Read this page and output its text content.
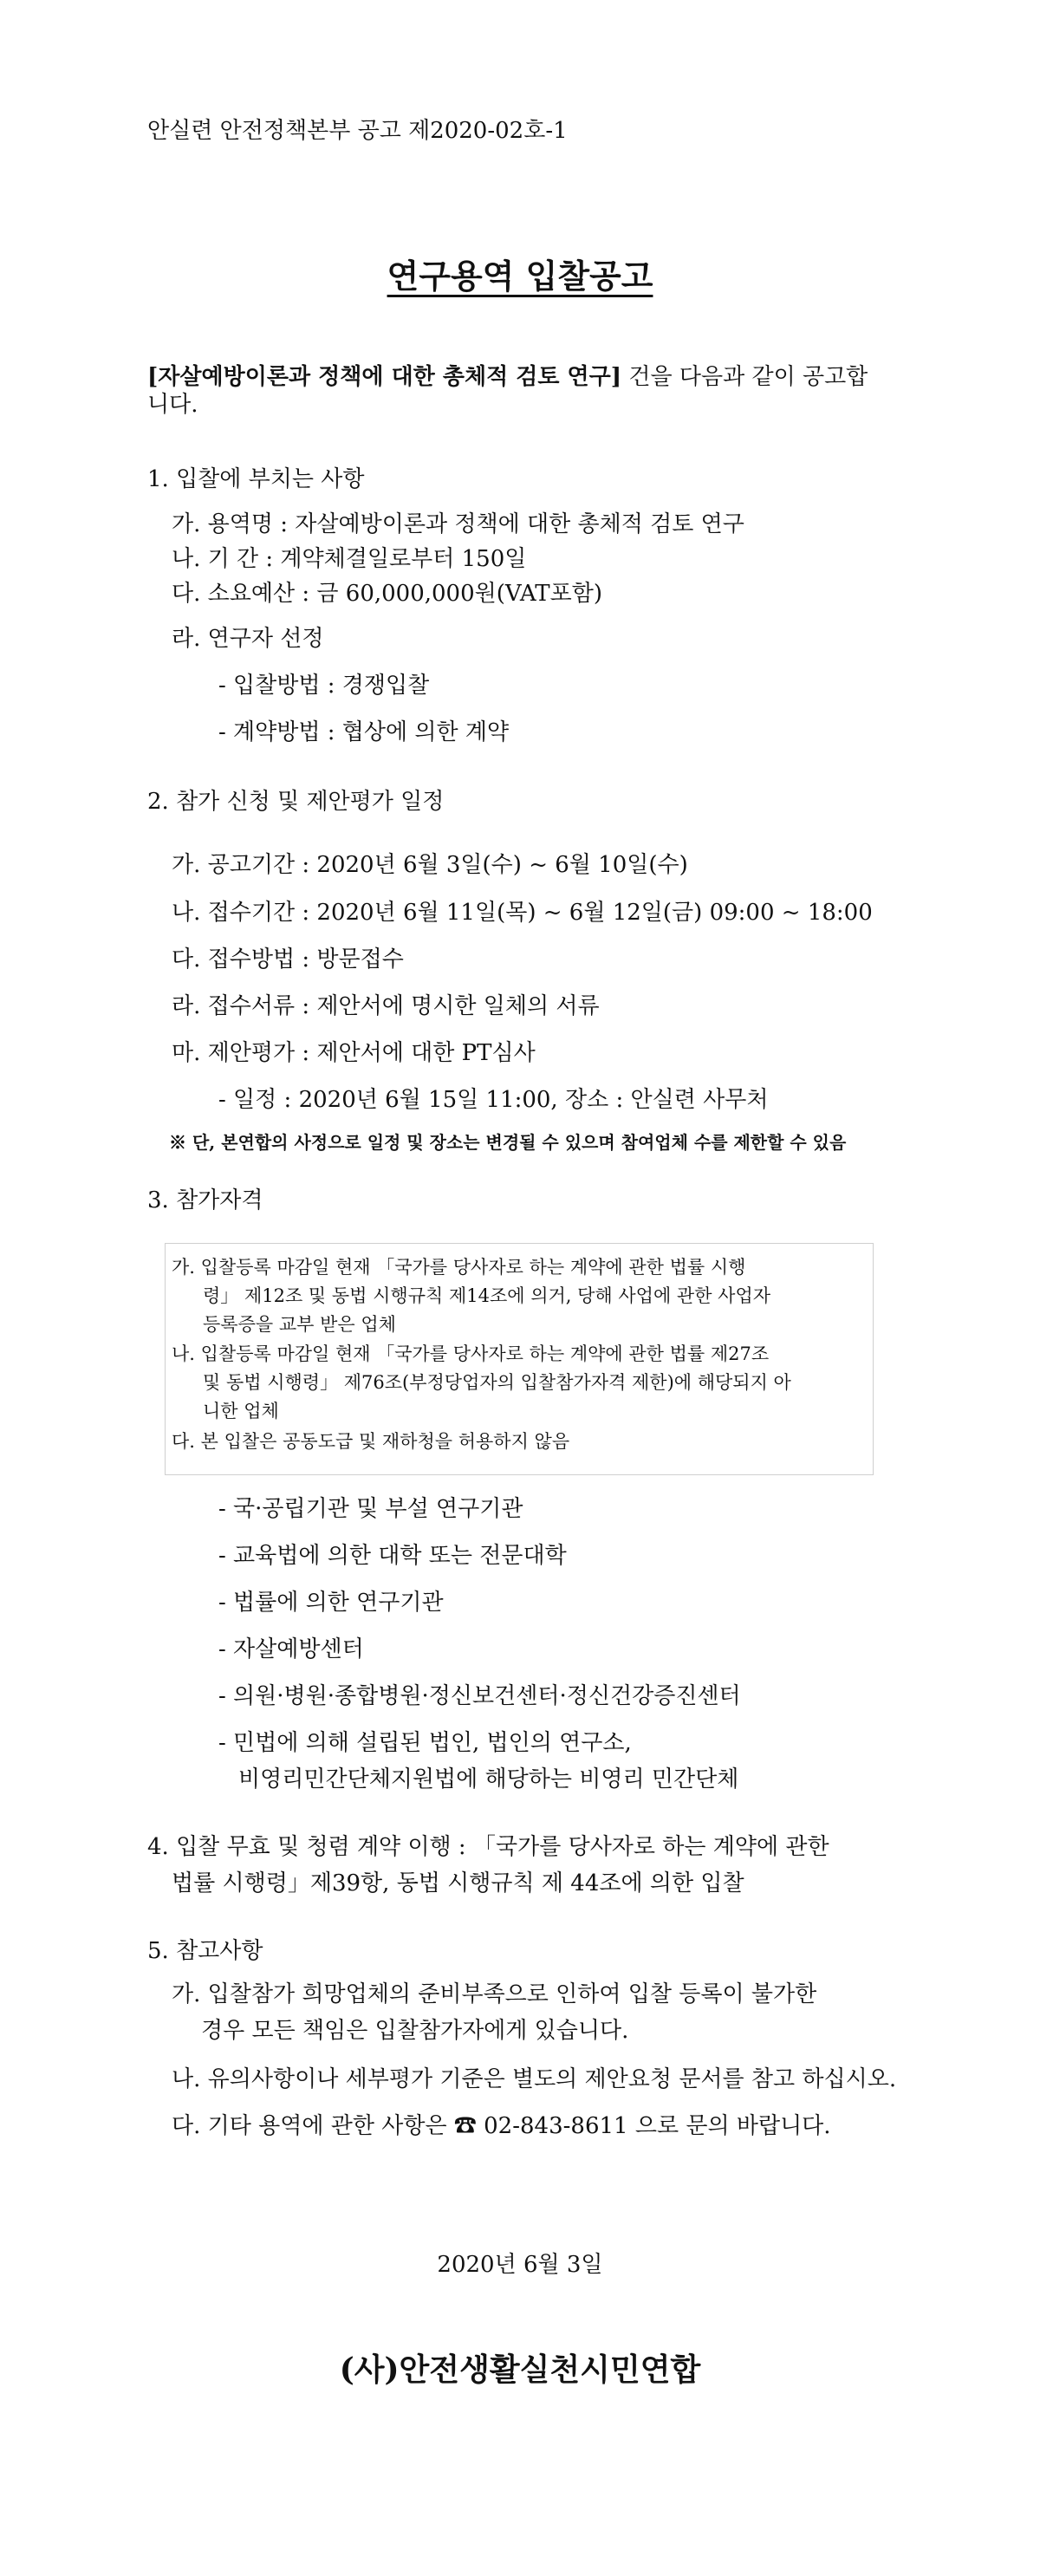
안실련 안전정책본부 공고 제2020-02호-1
연구용역 입찰공고
[자살예방이론과 정책에 대한 총체적 검토 연구] 건을 다음과 같이 공고합
니다.
1. 입찰에 부치는 사항
가. 용역명 : 자살예방이론과 정책에 대한 총체적 검토 연구
나. 기 간 : 계약체결일로부터 150일
다. 소요예산 : 금 60,000,000원(VAT포함)
라. 연구자 선정
- 입찰방법 : 경쟁입찰
- 계약방법 : 협상에 의한 계약
2. 참가 신청 및 제안평가 일정
가. 공고기간 : 2020년 6월 3일(수) ~ 6월 10일(수)
나. 접수기간 : 2020년 6월 11일(목) ~ 6월 12일(금) 09:00 ~ 18:00
다. 접수방법 : 방문접수
라. 접수서류 : 제안서에 명시한 일체의 서류
마. 제안평가 : 제안서에 대한 PT심사
- 일정 : 2020년 6월 15일 11:00, 장소 : 안실련 사무처
※ 단, 본연합의 사정으로 일정 및 장소는 변경될 수 있으며 참여업체 수를 제한할 수 있음
3. 참가자격
가. 입찰등록 마감일 현재 「국가를 당사자로 하는 계약에 관한 법률 시행
령」 제12조 및 동법 시행규칙 제14조에 의거, 당해 사업에 관한 사업자
등록증을 교부 받은 업체
나. 입찰등록 마감일 현재 「국가를 당사자로 하는 계약에 관한 법률 제27조
및 동법 시행령」 제76조(부정당업자의 입찰참가자격 제한)에 해당되지 아
니한 업체
다. 본 입찰은 공동도급 및 재하청을 허용하지 않음
- 국·공립기관 및 부설 연구기관
- 교육법에 의한 대학 또는 전문대학
- 법률에 의한 연구기관
- 자살예방센터
- 의원·병원·종합병원·정신보건센터·정신건강증진센터
- 민법에 의해 설립된 법인, 법인의 연구소,
비영리민간단체지원법에 해당하는 비영리 민간단체
4. 입찰 무효 및 청렴 계약 이행 : 「국가를 당사자로 하는 계약에 관한
법률 시행령」제39항, 동법 시행규칙 제 44조에 의한 입찰
5. 참고사항
가. 입찰참가 희망업체의 준비부족으로 인하여 입찰 등록이 불가한
경우 모든 책임은 입찰참가자에게 있습니다.
나. 유의사항이나 세부평가 기준은 별도의 제안요청 문서를 참고 하십시오.
다. 기타 용역에 관한 사항은 ☎ 02-843-8611 으로 문의 바랍니다.
2020년 6월 3일
(사)안전생활실천시민연합
